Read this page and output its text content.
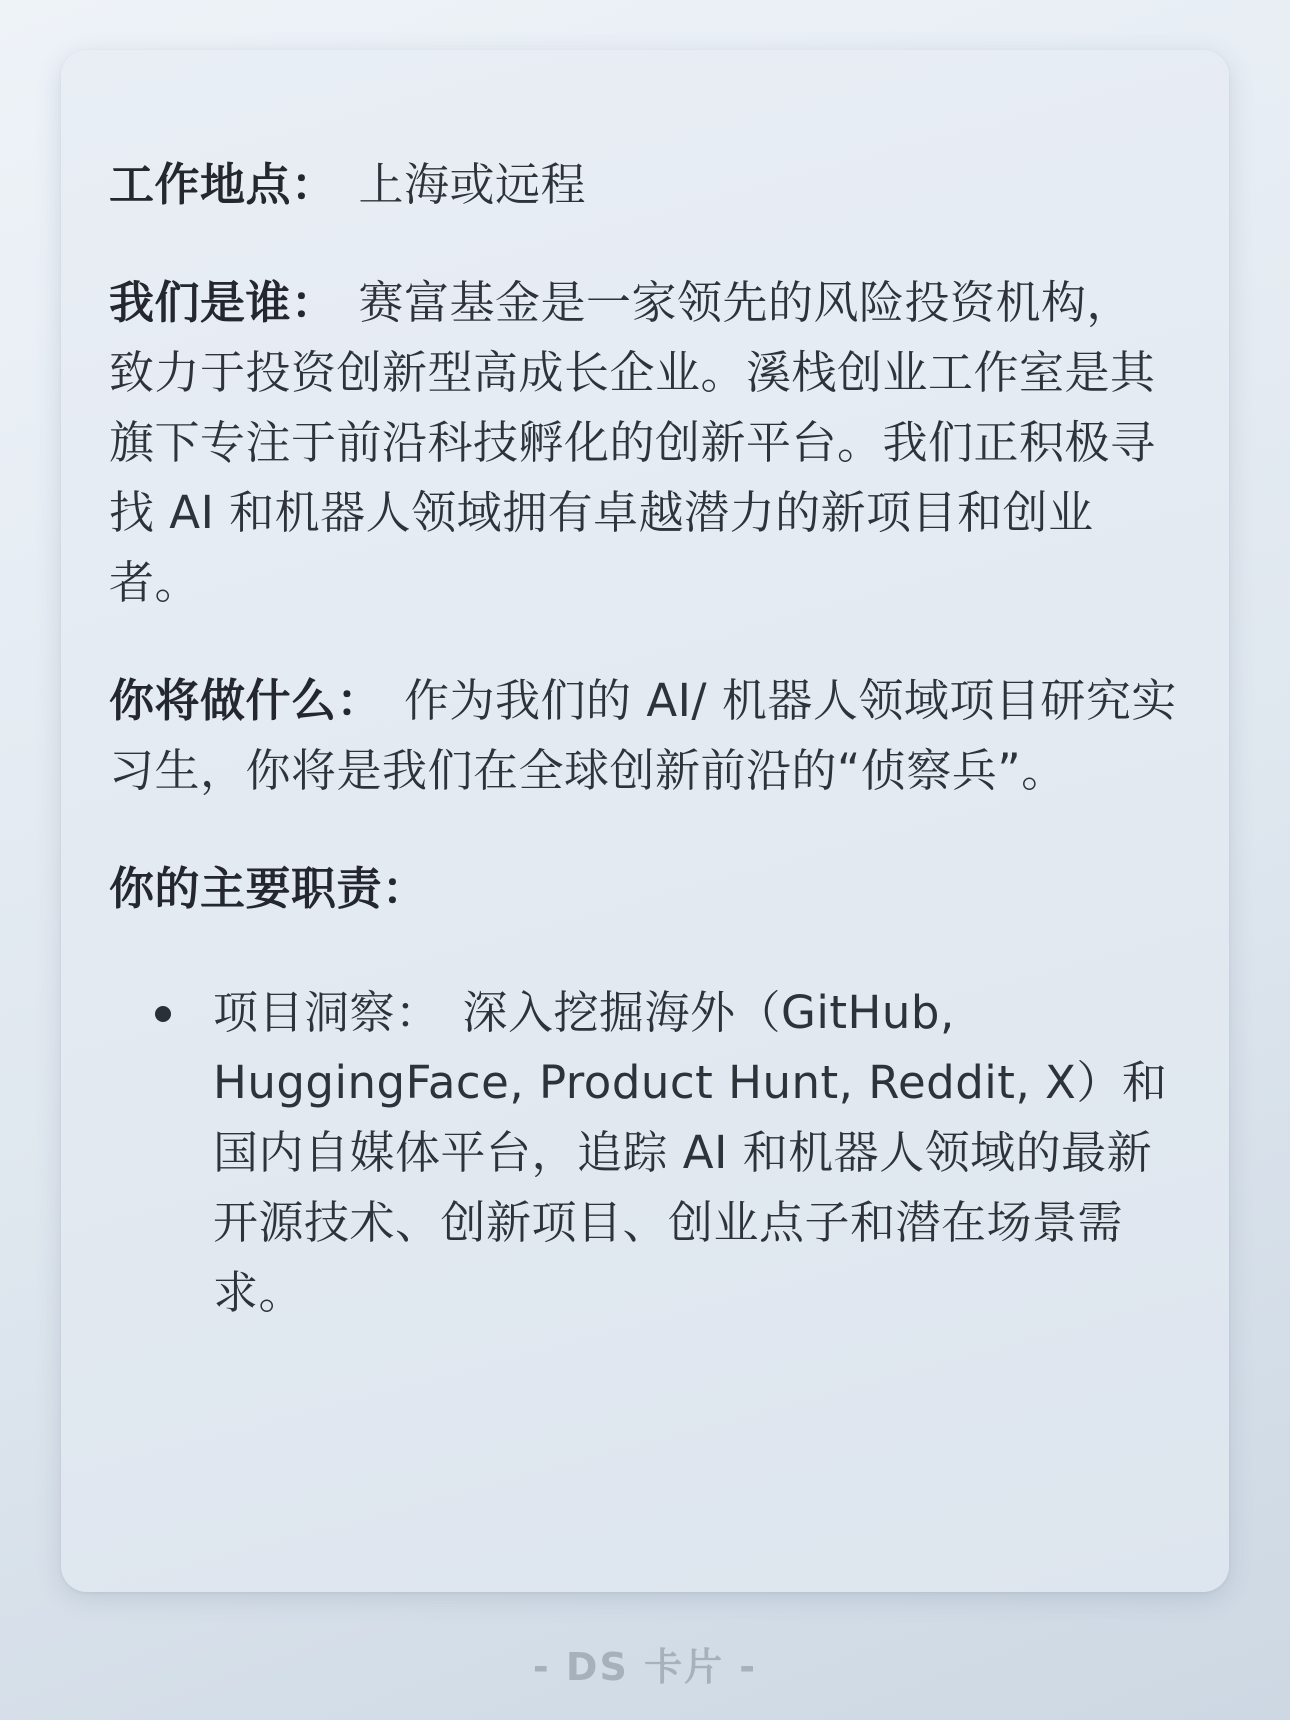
工作地点： 上海或远程

我们是谁： 赛富基金是一家领先的风险投资机构，致力于投资创新型高成长企业。溪栈创业工作室是其旗下专注于前沿科技孵化的创新平台。我们正积极寻找 AI 和机器人领域拥有卓越潜力的新项目和创业者。

你将做什么： 作为我们的 AI/ 机器人领域项目研究实习生，你将是我们在全球创新前沿的“侦察兵”。

你的主要职责：

项目洞察： 深入挖掘海外（GitHub, HuggingFace, Product Hunt, Reddit, X）和国内自媒体平台，追踪 AI 和机器人领域的最新开源技术、创新项目、创业点子和潜在场景需求。
- DS 卡片 -
